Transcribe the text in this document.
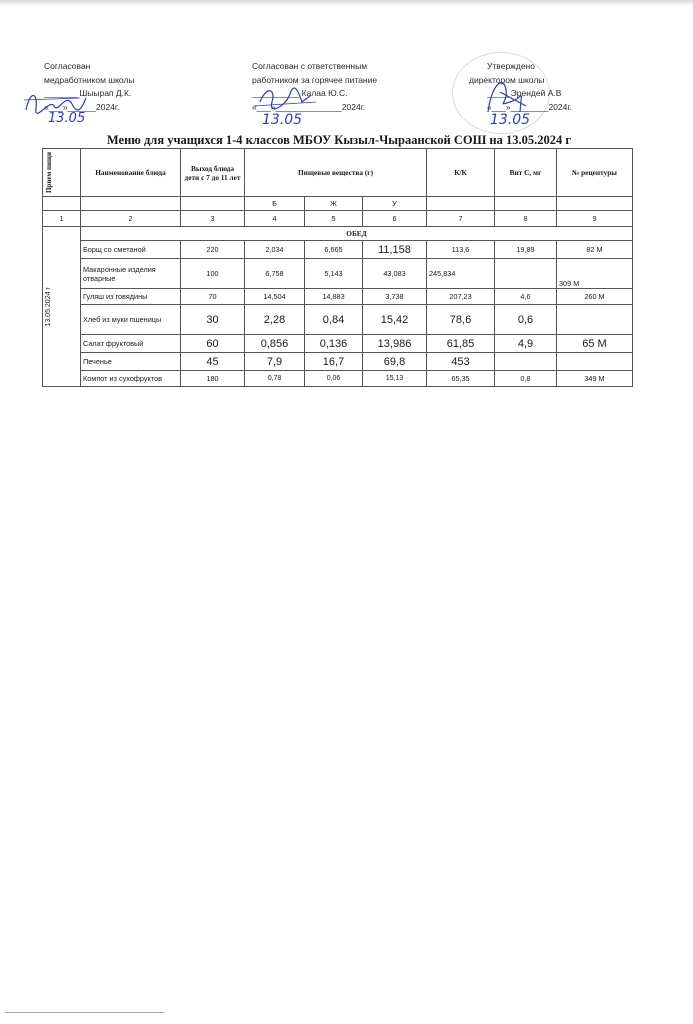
Согласован
медработником школы
_______ Шыырап Д.К.
«___»______2024г.
13.05
Согласован с ответственным
работником за горячее питание
__________ Калаа Ю.С.
«___»______________2024г.
13.05
Утверждено
директором школы
_____Эрендей А.В
«___»________2024г.
13.05
Меню для учащихся 1-4 классов МБОУ Кызыл-Чыраанской СОШ на 13.05.2024 г
Прием пищи	Наименование блюда	Выход блюда дети с 7 до 11 лет	Пищевые вещества (г)			К/К	Вит С, мг	№ рецептуры
			Б	Ж	У			
1	2	3	4	5	6	7	8	9

13.05.2024 г	ОБЕД							
	Борщ со сметаной	220	2,034	6,665	11,158	113,6	19,89	82 М
	Макаронные изделия отварные	100	6,758	5,143	43,083	245,834		309 М
	Гуляш из говядины	70	14,504	14,883	3,738	207,23	4,6	260 М
	Хлеб из муки пшеницы	30	2,28	0,84	15,42	78,6	0,6	
	Салат фруктовый	60	0,856	0,136	13,986	61,85	4,9	65 М
	Печенье	45	7,9	16,7	69,8	453		
	Компот из сухофруктов	180	0,78	0,06	15,13	65,35	0,8	349 М
